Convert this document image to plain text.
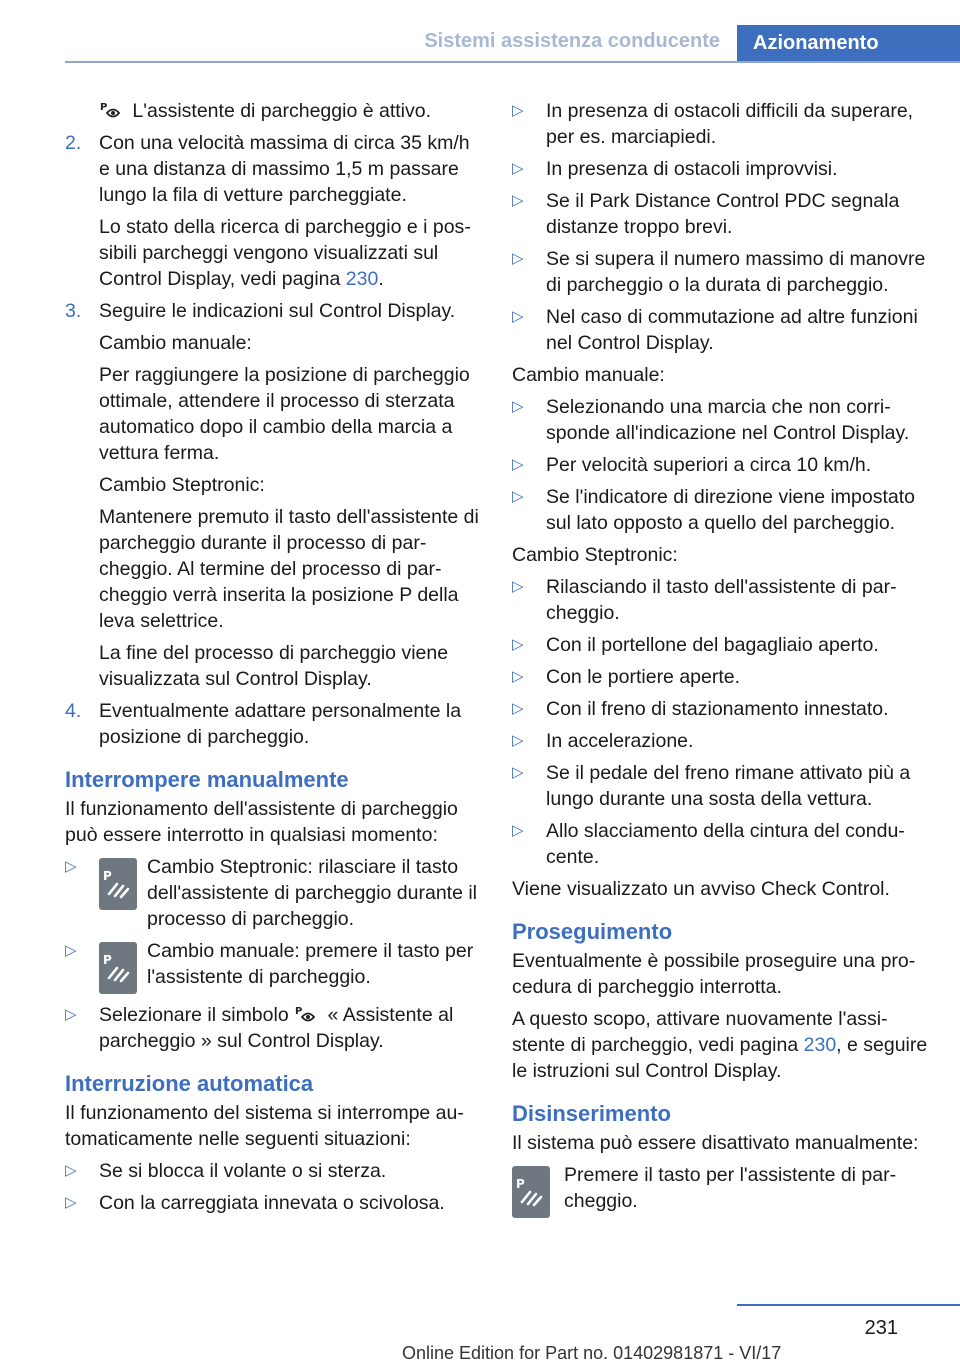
Sistemi assistenza conducente	Azionamento

P L'assistente di parcheggio è attivo.

2. Con una velocità massima di circa 35 km/h e una distanza di massimo 1,5 m passare lungo la fila di vetture parcheggiate.
Lo stato della ricerca di parcheggio e i possibili parcheggi vengono visualizzati sul Control Display, vedi pagina 230.
3. Seguire le indicazioni sul Control Display.
Cambio manuale:
Per raggiungere la posizione di parcheggio ottimale, attendere il processo di sterzata automatico dopo il cambio della marcia a vettura ferma.
Cambio Steptronic:
Mantenere premuto il tasto dell'assistente di parcheggio durante il processo di parcheggio. Al termine del processo di parcheggio verrà inserita la posizione P della leva selettrice.
La fine del processo di parcheggio viene visualizzata sul Control Display.
4. Eventualmente adattare personalmente la posizione di parcheggio.
Interrompere manualmente

Il funzionamento dell'assistente di parcheggio può essere interrotto in qualsiasi momento:

▷
P Cambio Steptronic: rilasciare il tasto dell'assistente di parcheggio durante il processo di parcheggio.
▷
P Cambio manuale: premere il tasto per l'assistente di parcheggio.
▷ Selezionare il simbolo P « Assistente al parcheggio » sul Control Display.
Interruzione automatica

Il funzionamento del sistema si interrompe automaticamente nelle seguenti situazioni:

▷ Se si blocca il volante o si sterza.
▷ Con la carreggiata innevata o scivolosa.
▷ In presenza di ostacoli difficili da superare, per es. marciapiedi.
▷ In presenza di ostacoli improvvisi.
▷ Se il Park Distance Control PDC segnala distanze troppo brevi.
▷ Se si supera il numero massimo di manovre di parcheggio o la durata di parcheggio.
▷ Nel caso di commutazione ad altre funzioni nel Control Display.

Cambio manuale:

▷ Selezionando una marcia che non corrisponde all'indicazione nel Control Display.
▷ Per velocità superiori a circa 10 km/h.
▷ Se l'indicatore di direzione viene impostato sul lato opposto a quello del parcheggio.

Cambio Steptronic:

▷ Rilasciando il tasto dell'assistente di parcheggio.
▷ Con il portellone del bagagliaio aperto.
▷ Con le portiere aperte.
▷ Con il freno di stazionamento innestato.
▷ In accelerazione.
▷ Se il pedale del freno rimane attivato più a lungo durante una sosta della vettura.
▷ Allo slacciamento della cintura del conducente.

Viene visualizzato un avviso Check Control.

Proseguimento

Eventualmente è possibile proseguire una procedura di parcheggio interrotta.

A questo scopo, attivare nuovamente l'assistente di parcheggio, vedi pagina 230, e seguire le istruzioni sul Control Display.

Disinserimento

Il sistema può essere disattivato manualmente:

P	Premere il tasto per l'assistente di parcheggio.
231
Online Edition for Part no. 01402981871 - VI/17
